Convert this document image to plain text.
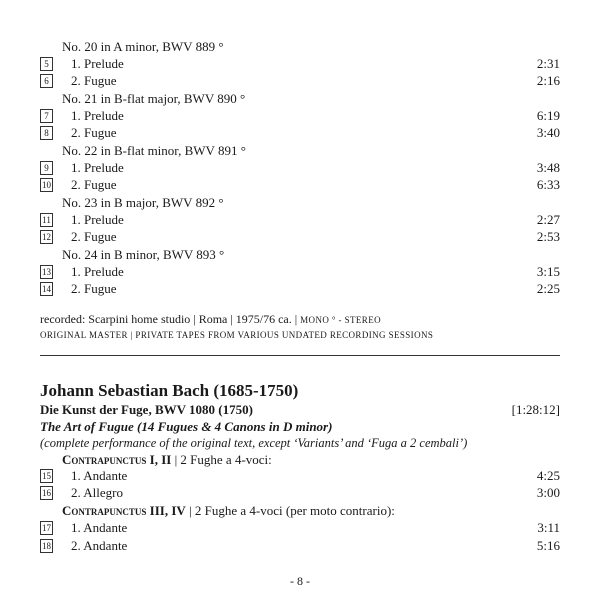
No. 20 in A minor, BWV 889 °
5	1. Prelude	2:31
6	2. Fugue	2:16
No. 21 in B-flat major, BWV 890 °
7	1. Prelude	6:19
8	2. Fugue	3:40
No. 22 in B-flat minor, BWV 891 °
9	1. Prelude	3:48
10 2. Fugue	6:33
No. 23 in B major, BWV 892 °
11 1. Prelude	2:27
12 2. Fugue	2:53
No. 24 in B minor, BWV 893 °
13 1. Prelude	3:15
14 2. Fugue	2:25
recorded: Scarpini home studio | Roma | 1975/76 ca. | MONO ° - STEREO
ORIGINAL MASTER | PRIVATE TAPES FROM VARIOUS UNDATED RECORDING SESSIONS
Johann Sebastian Bach (1685-1750)
Die Kunst der Fuge, BWV 1080 (1750)	[1:28:12]
The Art of Fugue (14 Fugues & 4 Canons in D minor)
(complete performance of the original text, except ‘Variants’ and ‘Fuga a 2 cembali’)
Contrapunctus I, II | 2 Fughe a 4-voci:
15 1. Andante	4:25
16 2. Allegro	3:00
Contrapunctus III, IV | 2 Fughe a 4-voci (per moto contrario):
17 1. Andante	3:11
18 2. Andante	5:16
- 8 -
